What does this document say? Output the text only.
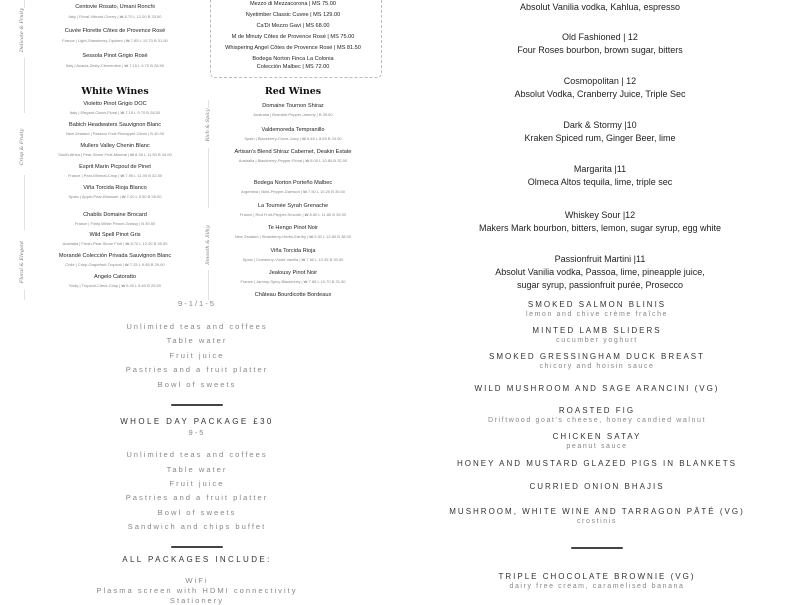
Centovie Rosato, Umani Ronchi
Italy | Floral-Vibrant-Cherry | ₩ 8.70 L 12.00 B 33.50
Cuvée Florette Côtes de Provence Rosé
France | Light-Strawberry-Opulent | ₩ 7.85 L 10.70 B 31.50
Sessola Pinot Grigio Rosé
Italy | Acacia-Zesty-Clementine | ₩ 7.15 L 9.70 B 28.50
White Wines
Violetto Pinot Grigio DOC
Italy | Elegant-Clean-Floral | ₩ 7.15 L 9.70 B 28.50
Babich Headwaters Sauvignon Blanc
New Zealand | Passion Fruit-Pineapple-Citrus | B 40.00
Mullers Valley Chenin Blanc
South Africa | Pear-Stone Fruit-Mineral | ₩ 8.35 L 11.50 B 34.00
Esprit Marin Picpoul de Pinet
France | Pear-Mineral-Crisp | ₩ 7.95 L 11.00 B 32.50
Viña Torcida Rioja Blanco
Spain | Apple-Pear-Blossom | ₩ 7.00 L 9.50 B 28.00
Chablis Domaine Brocard
France | Flinty-White Peach-Grassy | B 39.50
Wild Spell Pinot Gris
Australia | Fresh-Pear-Stone Fruit | ₩ 8.70 L 12.00 B 35.50
Morandé Colección Privada Sauvignon Blanc
Chile | Crisp-Grapefruit-Tropical | ₩ 7.25 L 9.85 B 29.00
Angelo Catoratto
Sicily | Tropical-Citrus-Crisp | ₩ 6.40 L 8.60 B 25.50
Delicate & Fruity
Crisp & Fruity
Floral & Elegant
Mezzo di Mezzacorona | MS 75.00
Nyetimber Classic Cuvee | MS 129.00
Ca'Di Mezzo Gavi | MS 68.00
M de Minuty Côtes de Provence Rosé | MS 75.00
Whispering Angel Côtes de Provence Rosé | MS 81.50
Bodega Norton Finca La Colonia
Colección Malbec | MS 72.00
Red Wines
Domaine Tournon Shiraz
Australia | Bramble-Pepper-Jammy | B 39.50
Valdemoreda Tempranillo
Spain | Blackberry-Clove-Juicy | ₩ 6.45 L 8.65 B 24.50
Artisan's Blend Shiraz Cabernet, Deakin Estate
Australia | Blackberry-Pepper-Floral | ₩ 8.00 L 10.85 B 32.00
Bodega Norton Porteño Malbec
Argentina | Bold-Pepper-Damson | ₩ 7.50 L 10.20 B 30.00
La Tournée Syrah Grenache
France | Red Fruit-Pepper-Smooth | ₩ 8.60 L 11.80 B 35.00
Te Hengo Pinot Noir
New Zealand | Strawberry-Herbs-Earthy | ₩ 9.30 L 12.80 B 38.00
Viña Torcida Rioja
Spain | Cranberry-Violet-Vanilla | ₩ 7.60 L 10.35 B 30.50
Jealousy Pinot Noir
France | Jammy-Spicy-Blackberry | ₩ 7.85 L 10.70 B 31.50
Château Bourdicotte Bordeaux
Rich & Spicy
Smooth & Silky
Absolut Vanilia vodka, Kahlua, espresso
Old Fashioned | 12
Four Roses bourbon, brown sugar, bitters
Cosmopolitan | 12
Absolut Vodka, Cranberry Juice, Triple Sec
Dark & Stormy |10
Kraken Spiced rum, Ginger Beer, lime
Margarita |11
Olmeca Altos tequila, lime, triple sec
Whiskey Sour |12
Makers Mark bourbon, bitters, lemon, sugar syrup, egg white
Passionfruit Martini |11
Absolut Vanilia vodka, Passoa, lime, pineapple juice,
sugar syrup, passionfruit purée, Prosecco
9-1/1-5
Unlimited teas and coffees
Table water
Fruit juice
Pastries and a fruit platter
Bowl of sweets
WHOLE DAY PACKAGE £30
9-5
Unlimited teas and coffees
Table water
Fruit juice
Pastries and a fruit platter
Bowl of sweets
Sandwich and chips buffet
ALL PACKAGES INCLUDE:
WiFi
Plasma screen with HDMI connectivity
Stationery
SMOKED SALMON BLINIS
lemon and chive crème fraîche
MINTED LAMB SLIDERS
cucumber yoghurt
SMOKED GRESSINGHAM DUCK BREAST
chicory and hoisin sauce
WILD MUSHROOM AND SAGE ARANCINI (VG)
ROASTED FIG
Driftwood goat's cheese, honey candied walnut
CHICKEN SATAY
peanut sauce
HONEY AND MUSTARD GLAZED PIGS IN BLANKETS
CURRIED ONION BHAJIS
MUSHROOM, WHITE WINE AND TARRAGON PÂTÉ (VG)
crostinis
TRIPLE CHOCOLATE BROWNIE (VG)
dairy free cream, caramelised banana
